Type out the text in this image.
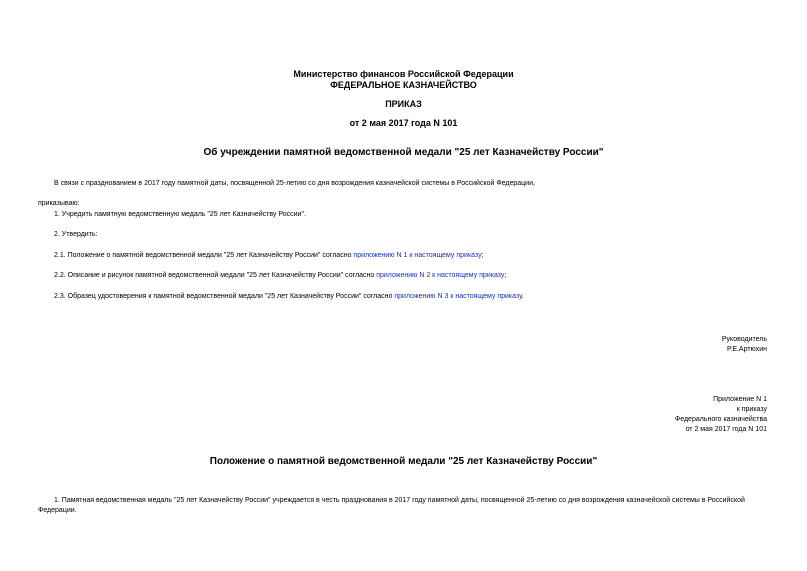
Министерство финансов Российской Федерации
ФЕДЕРАЛЬНОЕ КАЗНАЧЕЙСТВО
ПРИКАЗ
от 2 мая 2017 года N 101
Об учреждении памятной ведомственной медали "25 лет Казначейству России"
В связи с празднованием в 2017 году памятной даты, посвященной 25-летию со дня возрождения казначейской системы в Российской Федерации,
приказываю:
1. Учредить памятную ведомственную медаль "25 лет Казначейству России".
2. Утвердить:
2.1. Положение о памятной ведомственной медали "25 лет Казначейству России" согласно приложению N 1 к настоящему приказу;
2.2. Описание и рисунок памятной ведомственной медали "25 лет Казначейству России" согласно приложению N 2 к настоящему приказу;
2.3. Образец удостоверения к памятной ведомственной медали "25 лет Казначейству России" согласно приложению N 3 к настоящему приказу.
Руководитель
Р.Е.Артюхин
Приложение N 1
к приказу
Федерального казначейства
от 2 мая 2017 года N 101
Положение о памятной ведомственной медали "25 лет Казначейству России"
1. Памятная ведомственная медаль "25 лет Казначейству России" учреждается в честь празднования в 2017 году памятной даты, посвященной 25-летию со дня возрождения казначейской системы в Российской Федерации.
